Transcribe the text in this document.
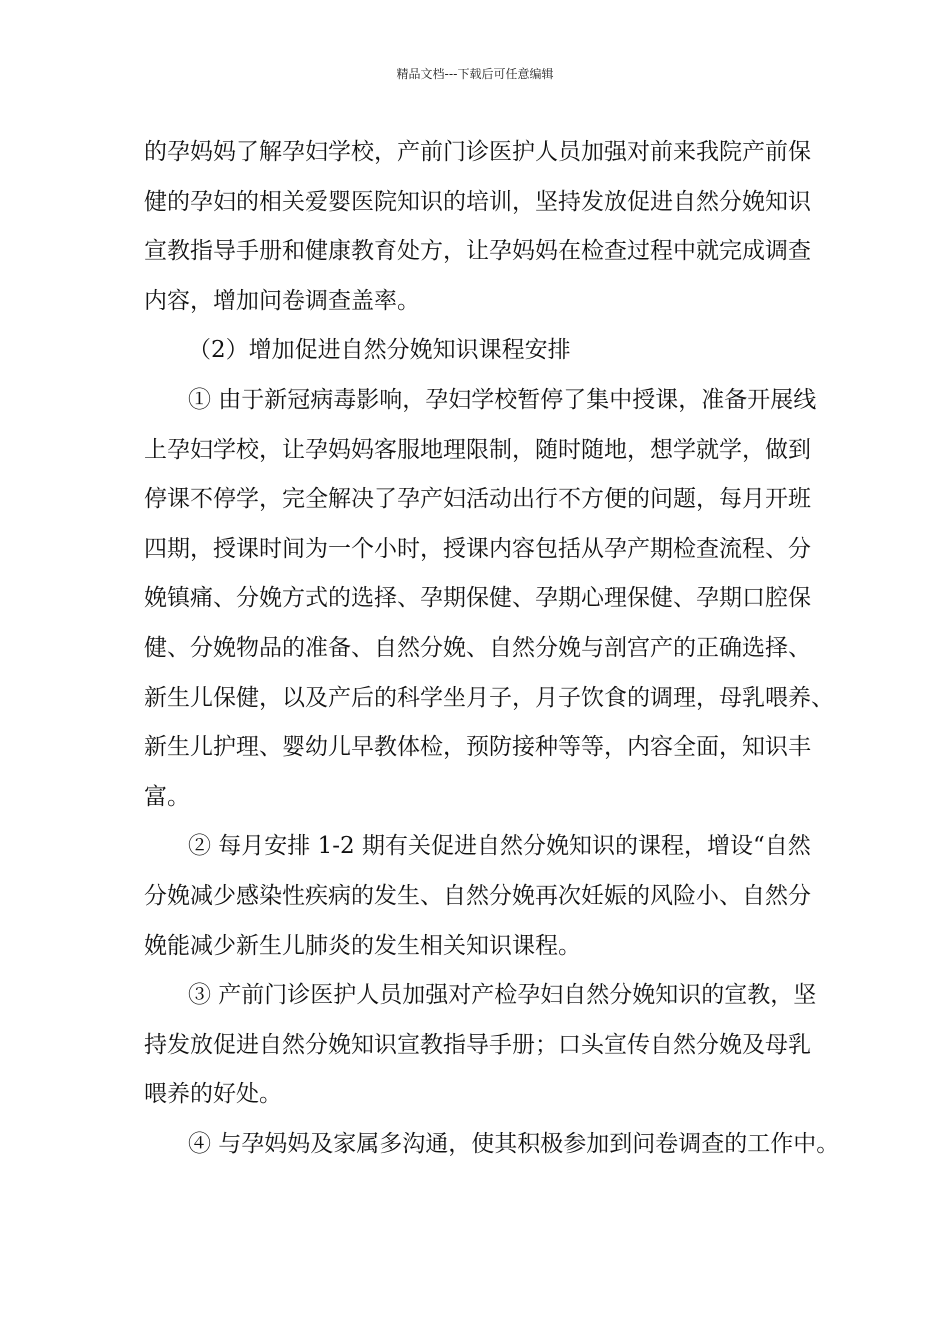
精品文档---下载后可任意编辑
的孕妈妈了解孕妇学校，产前门诊医护人员加强对前来我院产前保
健的孕妇的相关爱婴医院知识的培训，坚持发放促进自然分娩知识
宣教指导手册和健康教育处方，让孕妈妈在检查过程中就完成调查
内容，增加问卷调查盖率。
（2）增加促进自然分娩知识课程安排
① 由于新冠病毒影响，孕妇学校暂停了集中授课，准备开展线
上孕妇学校，让孕妈妈客服地理限制，随时随地，想学就学，做到
停课不停学，完全解决了孕产妇活动出行不方便的问题，每月开班
四期，授课时间为一个小时，授课内容包括从孕产期检查流程、分
娩镇痛、分娩方式的选择、孕期保健、孕期心理保健、孕期口腔保
健、分娩物品的准备、自然分娩、自然分娩与剖宫产的正确选择、
新生儿保健，以及产后的科学坐月子，月子饮食的调理，母乳喂养、
新生儿护理、婴幼儿早教体检，预防接种等等，内容全面，知识丰
富。
② 每月安排 1-2 期有关促进自然分娩知识的课程，增设“自然
分娩减少感染性疾病的发生、自然分娩再次妊娠的风险小、自然分
娩能减少新生儿肺炎的发生相关知识课程。
③ 产前门诊医护人员加强对产检孕妇自然分娩知识的宣教，坚
持发放促进自然分娩知识宣教指导手册；口头宣传自然分娩及母乳
喂养的好处。
④ 与孕妈妈及家属多沟通，使其积极参加到问卷调查的工作中。
